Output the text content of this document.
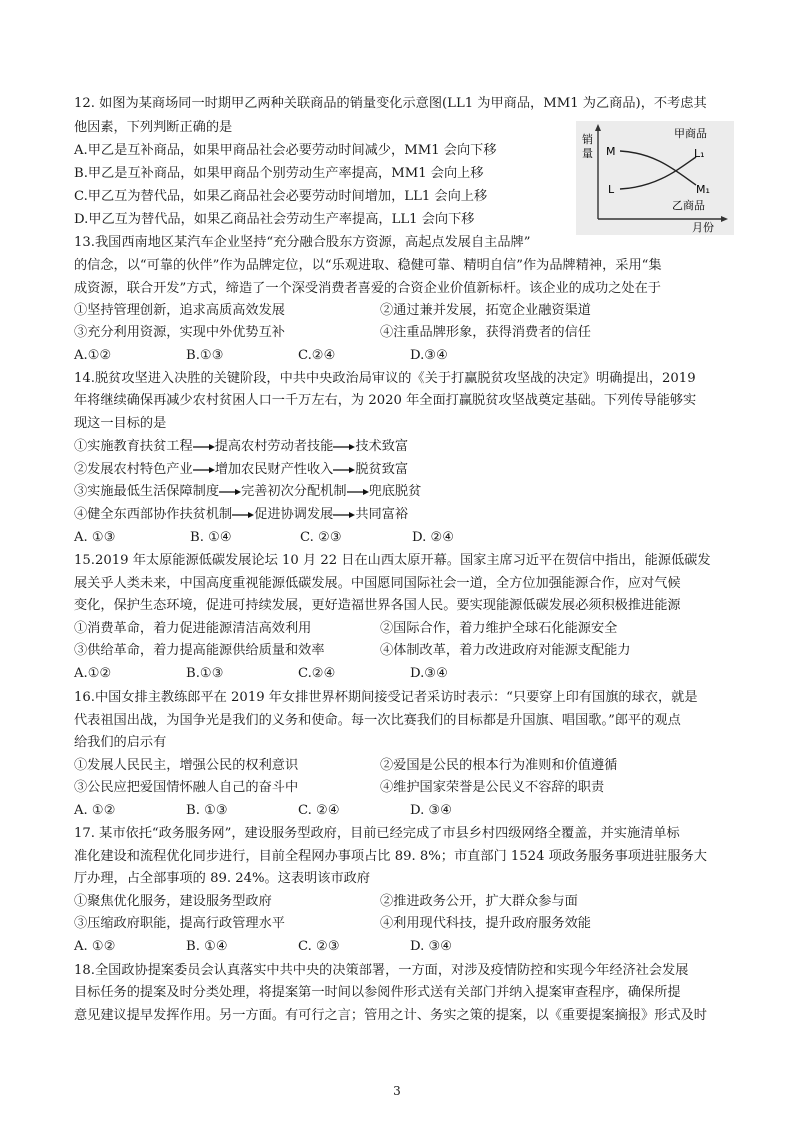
12. 如图为某商场同一时期甲乙两种关联商品的销量变化示意图(LL1 为甲商品，MM1 为乙商品)，不考虑其
他因素，下列判断正确的是
A.甲乙是互补商品，如果甲商品社会必要劳动时间减少，MM1 会向下移
B.甲乙是互补商品，如果甲商品个别劳动生产率提高，MM1 会向上移
C.甲乙互为替代品，如果乙商品社会必要劳动时间增加，LL1 会向上移
D.甲乙互为替代品，如果乙商品社会劳动生产率提高，LL1 会向下移
销
量
月份
甲商品
乙商品
M
L
L₁
M₁
13.我国西南地区某汽车企业坚持“充分融合股东方资源，高起点发展自主品牌”
的信念，以“可靠的伙伴”作为品牌定位，以“乐观进取、稳健可靠、精明自信”作为品牌精神，采用“集
成资源，联合开发”方式，缔造了一个深受消费者喜爱的合资企业价值新标杆。该企业的成功之处在于
①坚持管理创新，追求高质高效发展	②通过兼并发展，拓宽企业融资渠道
③充分利用资源，实现中外优势互补	④注重品牌形象，获得消费者的信任
A.①②	B.①③	C.②④	D.③④
14.脱贫攻坚进入决胜的关键阶段，中共中央政治局审议的《关于打赢脱贫攻坚战的决定》明确提出，2019
年将继续确保再减少农村贫困人口一千万左右，为 2020 年全面打赢脱贫攻坚战奠定基础。下列传导能够实
现这一目标的是
①实施教育扶贫工程 提高农村劳动者技能 技术致富
②发展农村特色产业 增加农民财产性收入 脱贫致富
③实施最低生活保障制度 完善初次分配机制 兜底脱贫
④健全东西部协作扶贫机制 促进协调发展 共同富裕
A. ①③	B. ①④	C. ②③	D. ②④
15.2019 年太原能源低碳发展论坛 10 月 22 日在山西太原开幕。国家主席习近平在贺信中指出，能源低碳发
展关乎人类未来，中国高度重视能源低碳发展。中国愿同国际社会一道，全方位加强能源合作，应对气候
变化，保护生态环境，促进可持续发展，更好造福世界各国人民。要实现能源低碳发展必须积极推进能源
①消费革命，着力促进能源清洁高效利用	②国际合作，着力维护全球石化能源安全
③供给革命，着力提高能源供给质量和效率	④体制改革，着力改进政府对能源支配能力
A.①②	B.①③	C.②④	D.③④
16.中国女排主教练郎平在 2019 年女排世界杯期间接受记者采访时表示：“只要穿上印有国旗的球衣，就是
代表祖国出战，为国争光是我们的义务和使命。每一次比赛我们的目标都是升国旗、唱国歌。”郎平的观点
给我们的启示有
①发展人民民主，增强公民的权利意识	②爱国是公民的根本行为准则和价值遵循
③公民应把爱国情怀融人自己的奋斗中	④维护国家荣誉是公民义不容辞的职责
A. ①②	B. ①③	C. ②④	D. ③④
17. 某市依托“政务服务网”，建设服务型政府，目前已经完成了市县乡村四级网络全覆盖，并实施清单标
准化建设和流程优化同步进行，目前全程网办事项占比 89. 8%；市直部门 1524 项政务服务事项进驻服务大
厅办理，占全部事项的 89. 24%。这表明该市政府
①聚焦优化服务，建设服务型政府	②推进政务公开，扩大群众参与面
③压缩政府职能，提高行政管理水平	④利用现代科技，提升政府服务效能
A. ①②	B. ①④	C. ②③	D. ③④
18.全国政协提案委员会认真落实中共中央的决策部署，一方面，对涉及疫情防控和实现今年经济社会发展
目标任务的提案及时分类处理，将提案第一时间以参阅件形式送有关部门并纳入提案审查程序，确保所提
意见建议提早发挥作用。另一方面。有可行之言；管用之计、务实之策的提案，以《重要提案摘报》形式及时
3
